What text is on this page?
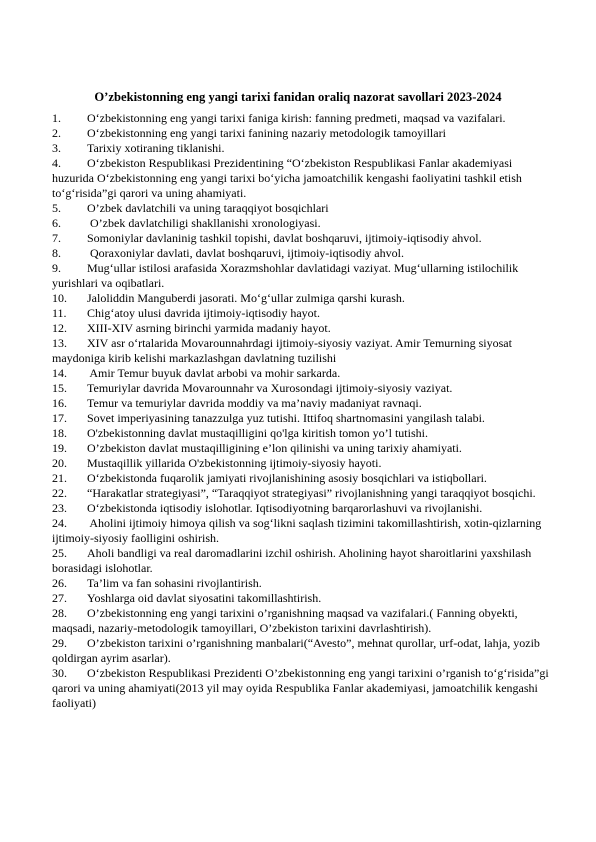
O’zbekistonning eng yangi tarixi fanidan oraliq nazorat savollari 2023-2024

1. O‘zbekistonning eng yangi tarixi faniga kirish: fanning predmeti, maqsad va vazifalari.

2. O‘zbekistonning eng yangi tarixi fanining nazariy metodologik tamoyillari

3. Tarixiy xotiraning tiklanishi.

4. O‘zbekiston Respublikasi Prezidentining “O‘zbekiston Respublikasi Fanlar akademiyasi huzurida O‘zbekistonning eng yangi tarixi bo‘yicha jamoatchilik kengashi faoliyatini tashkil etish to‘g‘risida”gi qarori va uning ahamiyati.

5. O’zbek davlatchili va uning taraqqiyot bosqichlari

6. O’zbek davlatchiligi shakllanishi xronologiyasi.

7. Somoniylar davlaninig tashkil topishi, davlat boshqaruvi, ijtimoiy-iqtisodiy ahvol.

8. Qoraxoniylar davlati, davlat boshqaruvi, ijtimoiy-iqtisodiy ahvol.

9. Mug‘ullar istilosi arafasida Xorazmshohlar davlatidagi vaziyat. Mug‘ullarning istilochilik yurishlari va oqibatlari.

10. Jaloliddin Manguberdi jasorati. Mo‘g‘ullar zulmiga qarshi kurash.

11. Chig‘atoy ulusi davrida ijtimoiy-iqtisodiy hayot.

12. XIII-XIV asrning birinchi yarmida madaniy hayot.

13. XIV asr o‘rtalarida Movarounnahrdagi ijtimoiy-siyosiy vaziyat. Amir Temurning siyosat maydoniga kirib kelishi markazlashgan davlatning tuzilishi

14. Amir Temur buyuk davlat arbobi va mohir sarkarda.

15. Temuriylar davrida Movarounnahr va Xurosondagi ijtimoiy-siyosiy vaziyat.

16. Temur va temuriylar davrida moddiy va ma’naviy madaniyat ravnaqi.

17. Sovet imperiyasining tanazzulga yuz tutishi. Ittifoq shartnomasini yangilash talabi.

18. O'zbekistonning davlat mustaqilligini qo'lga kiritish tomon yo’l tutishi.

19. O’zbekiston davlat mustaqilligining e’lon qilinishi va uning tarixiy ahamiyati.

20. Mustaqillik yillarida O'zbekistonning ijtimoiy-siyosiy hayoti.

21. O‘zbekistonda fuqarolik jamiyati rivojlanishining asosiy bosqichlari va istiqbollari.

22. “Harakatlar strategiyasi”, “Taraqqiyot strategiyasi” rivojlanishning yangi taraqqiyot bosqichi.

23. O‘zbekistonda iqtisodiy islohotlar. Iqtisodiyotning barqarorlashuvi va rivojlanishi.

24. Aholini ijtimoiy himoya qilish va sog‘likni saqlash tizimini takomillashtirish, xotin-qizlarning ijtimoiy-siyosiy faolligini oshirish.

25. Aholi bandligi va real daromadlarini izchil oshirish. Aholining hayot sharoitlarini yaxshilash borasidagi islohotlar.

26. Ta’lim va fan sohasini rivojlantirish.

27. Yoshlarga oid davlat siyosatini takomillashtirish.

28. O’zbekistonning eng yangi tarixini o’rganishning maqsad va vazifalari.( Fanning obyekti, maqsadi, nazariy-metodologik tamoyillari, O’zbekiston tarixini davrlashtirish).

29. O’zbekiston tarixini o’rganishning manbalari(“Avesto”, mehnat qurollar, urf-odat, lahja, yozib qoldirgan ayrim asarlar).

30. O‘zbekiston Respublikasi Prezidenti O’zbekistonning eng yangi tarixini o’rganish to‘g‘risida”gi qarori va uning ahamiyati(2013 yil may oyida Respublika Fanlar akademiyasi, jamoatchilik kengashi faoliyati)
